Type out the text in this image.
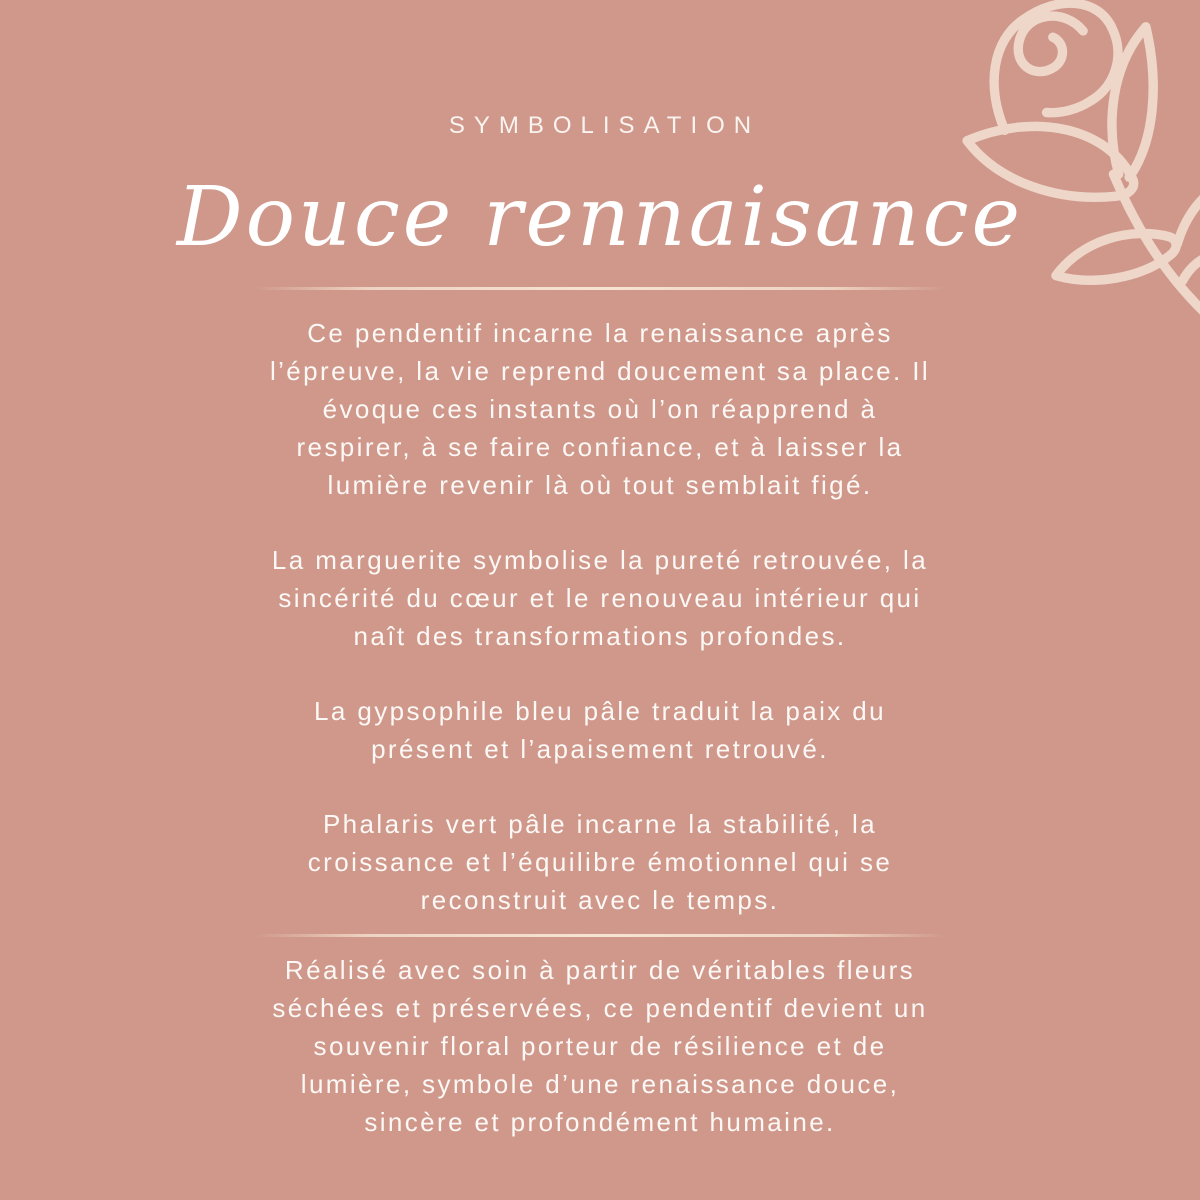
SYMBOLISATION
Douce rennaisance
Ce pendentif incarne la renaissance après
l’épreuve, la vie reprend doucement sa place. Il
évoque ces instants où l’on réapprend à
respirer, à se faire confiance, et à laisser la
lumière revenir là où tout semblait figé.
La marguerite symbolise la pureté retrouvée, la
sincérité du cœur et le renouveau intérieur qui
naît des transformations profondes.
La gypsophile bleu pâle traduit la paix du
présent et l’apaisement retrouvé.
Phalaris vert pâle incarne la stabilité, la
croissance et l’équilibre émotionnel qui se
reconstruit avec le temps.
Réalisé avec soin à partir de véritables fleurs
séchées et préservées, ce pendentif devient un
souvenir floral porteur de résilience et de
lumière, symbole d’une renaissance douce,
sincère et profondément humaine.
